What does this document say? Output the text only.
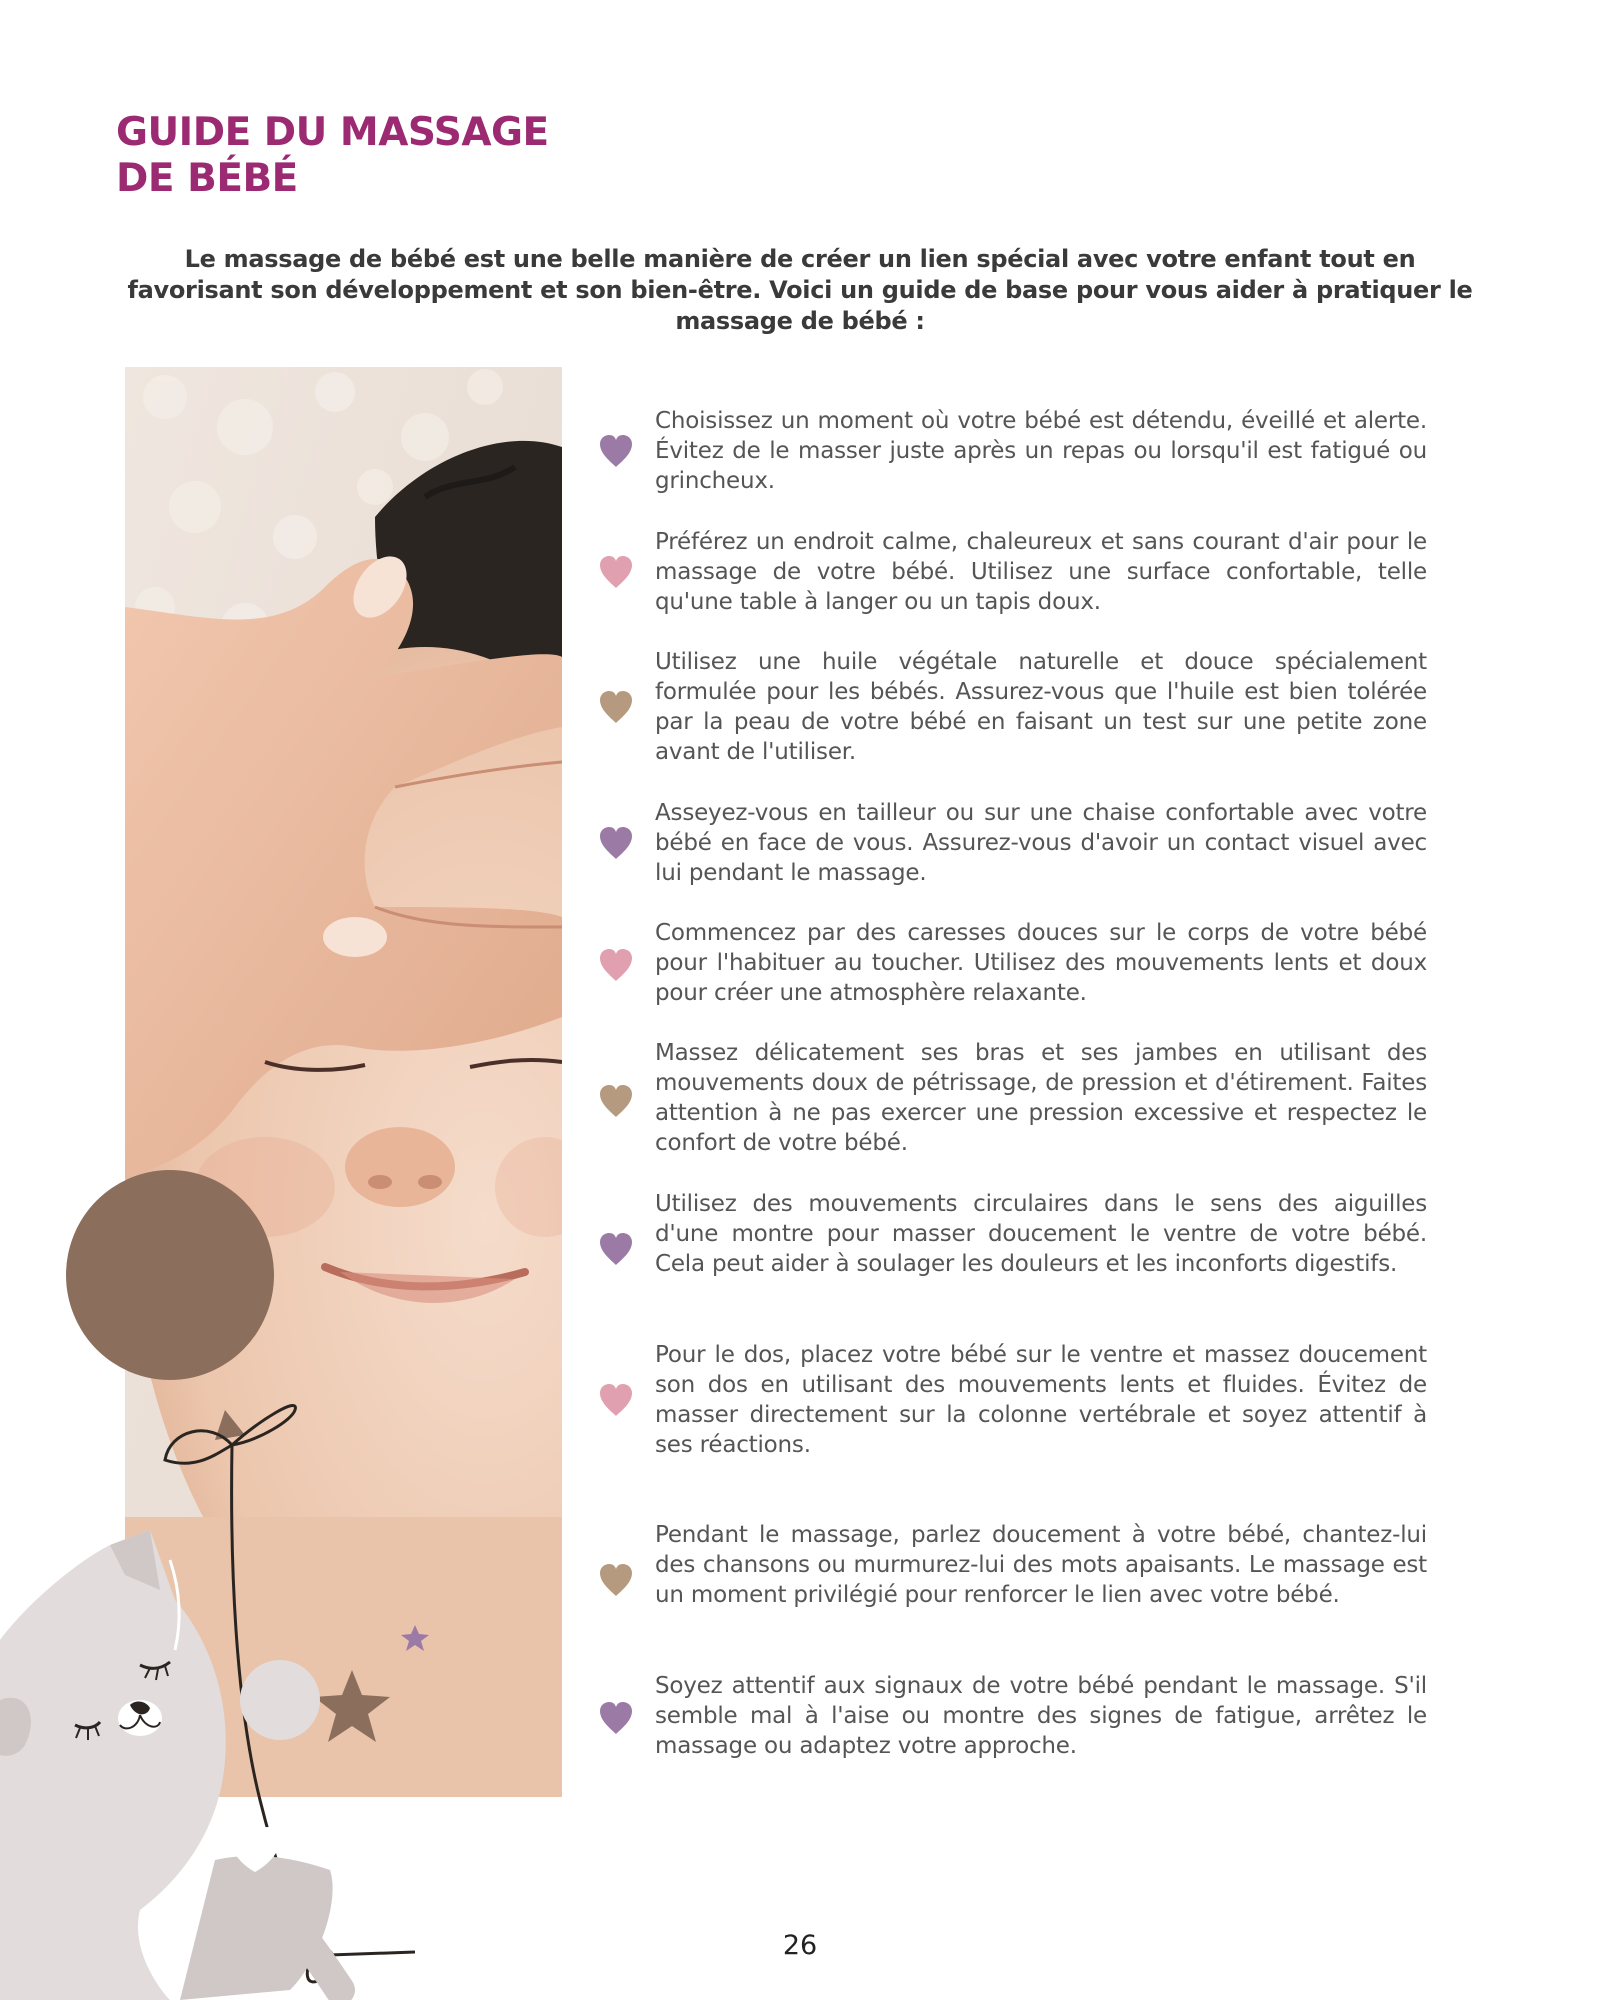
GUIDE DU MASSAGE
DE BÉBÉ

Le massage de bébé est une belle manière de créer un lien spécial avec votre enfant tout en favorisant son développement et son bien-être. Voici un guide de base pour vous aider à pratiquer le massage de bébé :

Choisissez un moment où votre bébé est détendu, éveillé et alerte. Évitez de le masser juste après un repas ou lorsqu'il est fatigué ou grincheux.

Préférez un endroit calme, chaleureux et sans courant d'air pour le massage de votre bébé. Utilisez une surface confortable, telle qu'une table à langer ou un tapis doux.

Utilisez une huile végétale naturelle et douce spécialement formulée pour les bébés. Assurez-vous que l'huile est bien tolérée par la peau de votre bébé en faisant un test sur une petite zone avant de l'utiliser.

Asseyez-vous en tailleur ou sur une chaise confortable avec votre bébé en face de vous. Assurez-vous d'avoir un contact visuel avec lui pendant le massage.

Commencez par des caresses douces sur le corps de votre bébé pour l'habituer au toucher. Utilisez des mouvements lents et doux pour créer une atmosphère relaxante.

Massez délicatement ses bras et ses jambes en utilisant des mouvements doux de pétrissage, de pression et d'étirement. Faites attention à ne pas exercer une pression excessive et respectez le confort de votre bébé.

Utilisez des mouvements circulaires dans le sens des aiguilles d'une montre pour masser doucement le ventre de votre bébé. Cela peut aider à soulager les douleurs et les inconforts digestifs.

Pour le dos, placez votre bébé sur le ventre et massez doucement son dos en utilisant des mouvements lents et fluides. Évitez de masser directement sur la colonne vertébrale et soyez attentif à ses réactions.

Pendant le massage, parlez doucement à votre bébé, chantez-lui des chansons ou murmurez-lui des mots apaisants. Le massage est un moment privilégié pour renforcer le lien avec votre bébé.

Soyez attentif aux signaux de votre bébé pendant le massage. S'il semble mal à l'aise ou montre des signes de fatigue, arrêtez le massage ou adaptez votre approche.

26
